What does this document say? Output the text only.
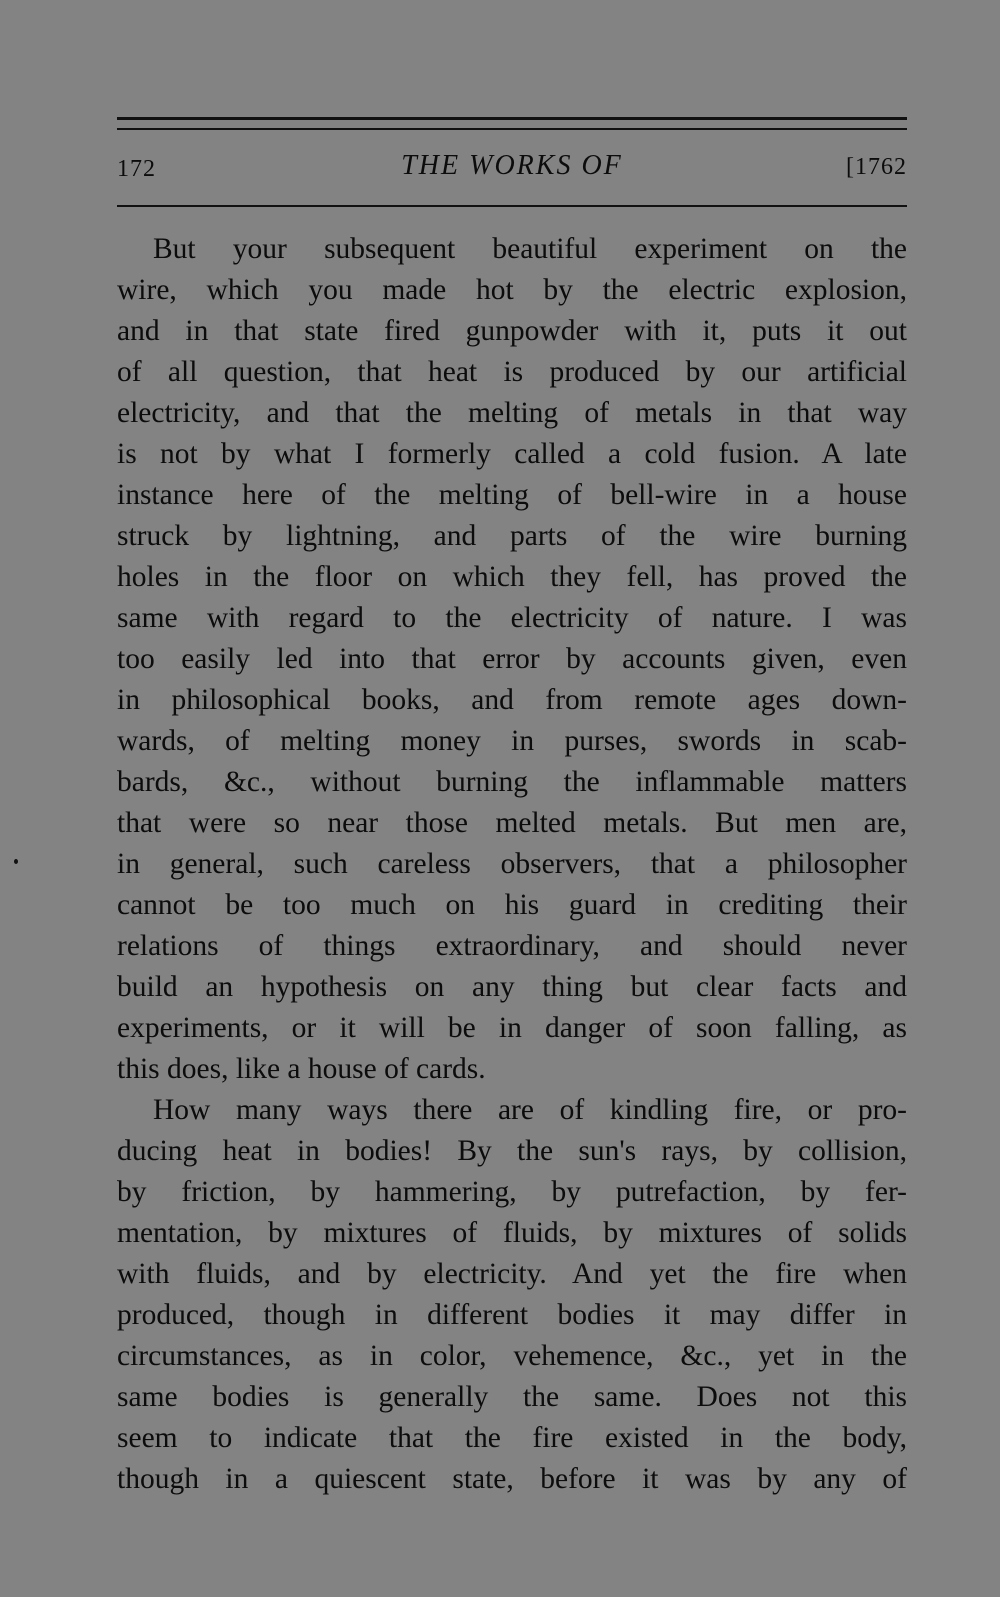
172	THE WORKS OF	[1762
But your subsequent beautiful experiment on the
wire, which you made hot by the electric explosion,
and in that state fired gunpowder with it, puts it out
of all question, that heat is produced by our artificial
electricity, and that the melting of metals in that way
is not by what I formerly called a cold fusion. A late
instance here of the melting of bell-wire in a house
struck by lightning, and parts of the wire burning
holes in the floor on which they fell, has proved the
same with regard to the electricity of nature. I was
too easily led into that error by accounts given, even
in philosophical books, and from remote ages down-
wards, of melting money in purses, swords in scab-
bards, &c., without burning the inflammable matters
that were so near those melted metals. But men are,
in general, such careless observers, that a philosopher
cannot be too much on his guard in crediting their
relations of things extraordinary, and should never
build an hypothesis on any thing but clear facts and
experiments, or it will be in danger of soon falling, as
this does, like a house of cards.
How many ways there are of kindling fire, or pro-
ducing heat in bodies! By the sun's rays, by collision,
by friction, by hammering, by putrefaction, by fer-
mentation, by mixtures of fluids, by mixtures of solids
with fluids, and by electricity. And yet the fire when
produced, though in different bodies it may differ in
circumstances, as in color, vehemence, &c., yet in the
same bodies is generally the same. Does not this
seem to indicate that the fire existed in the body,
though in a quiescent state, before it was by any of
